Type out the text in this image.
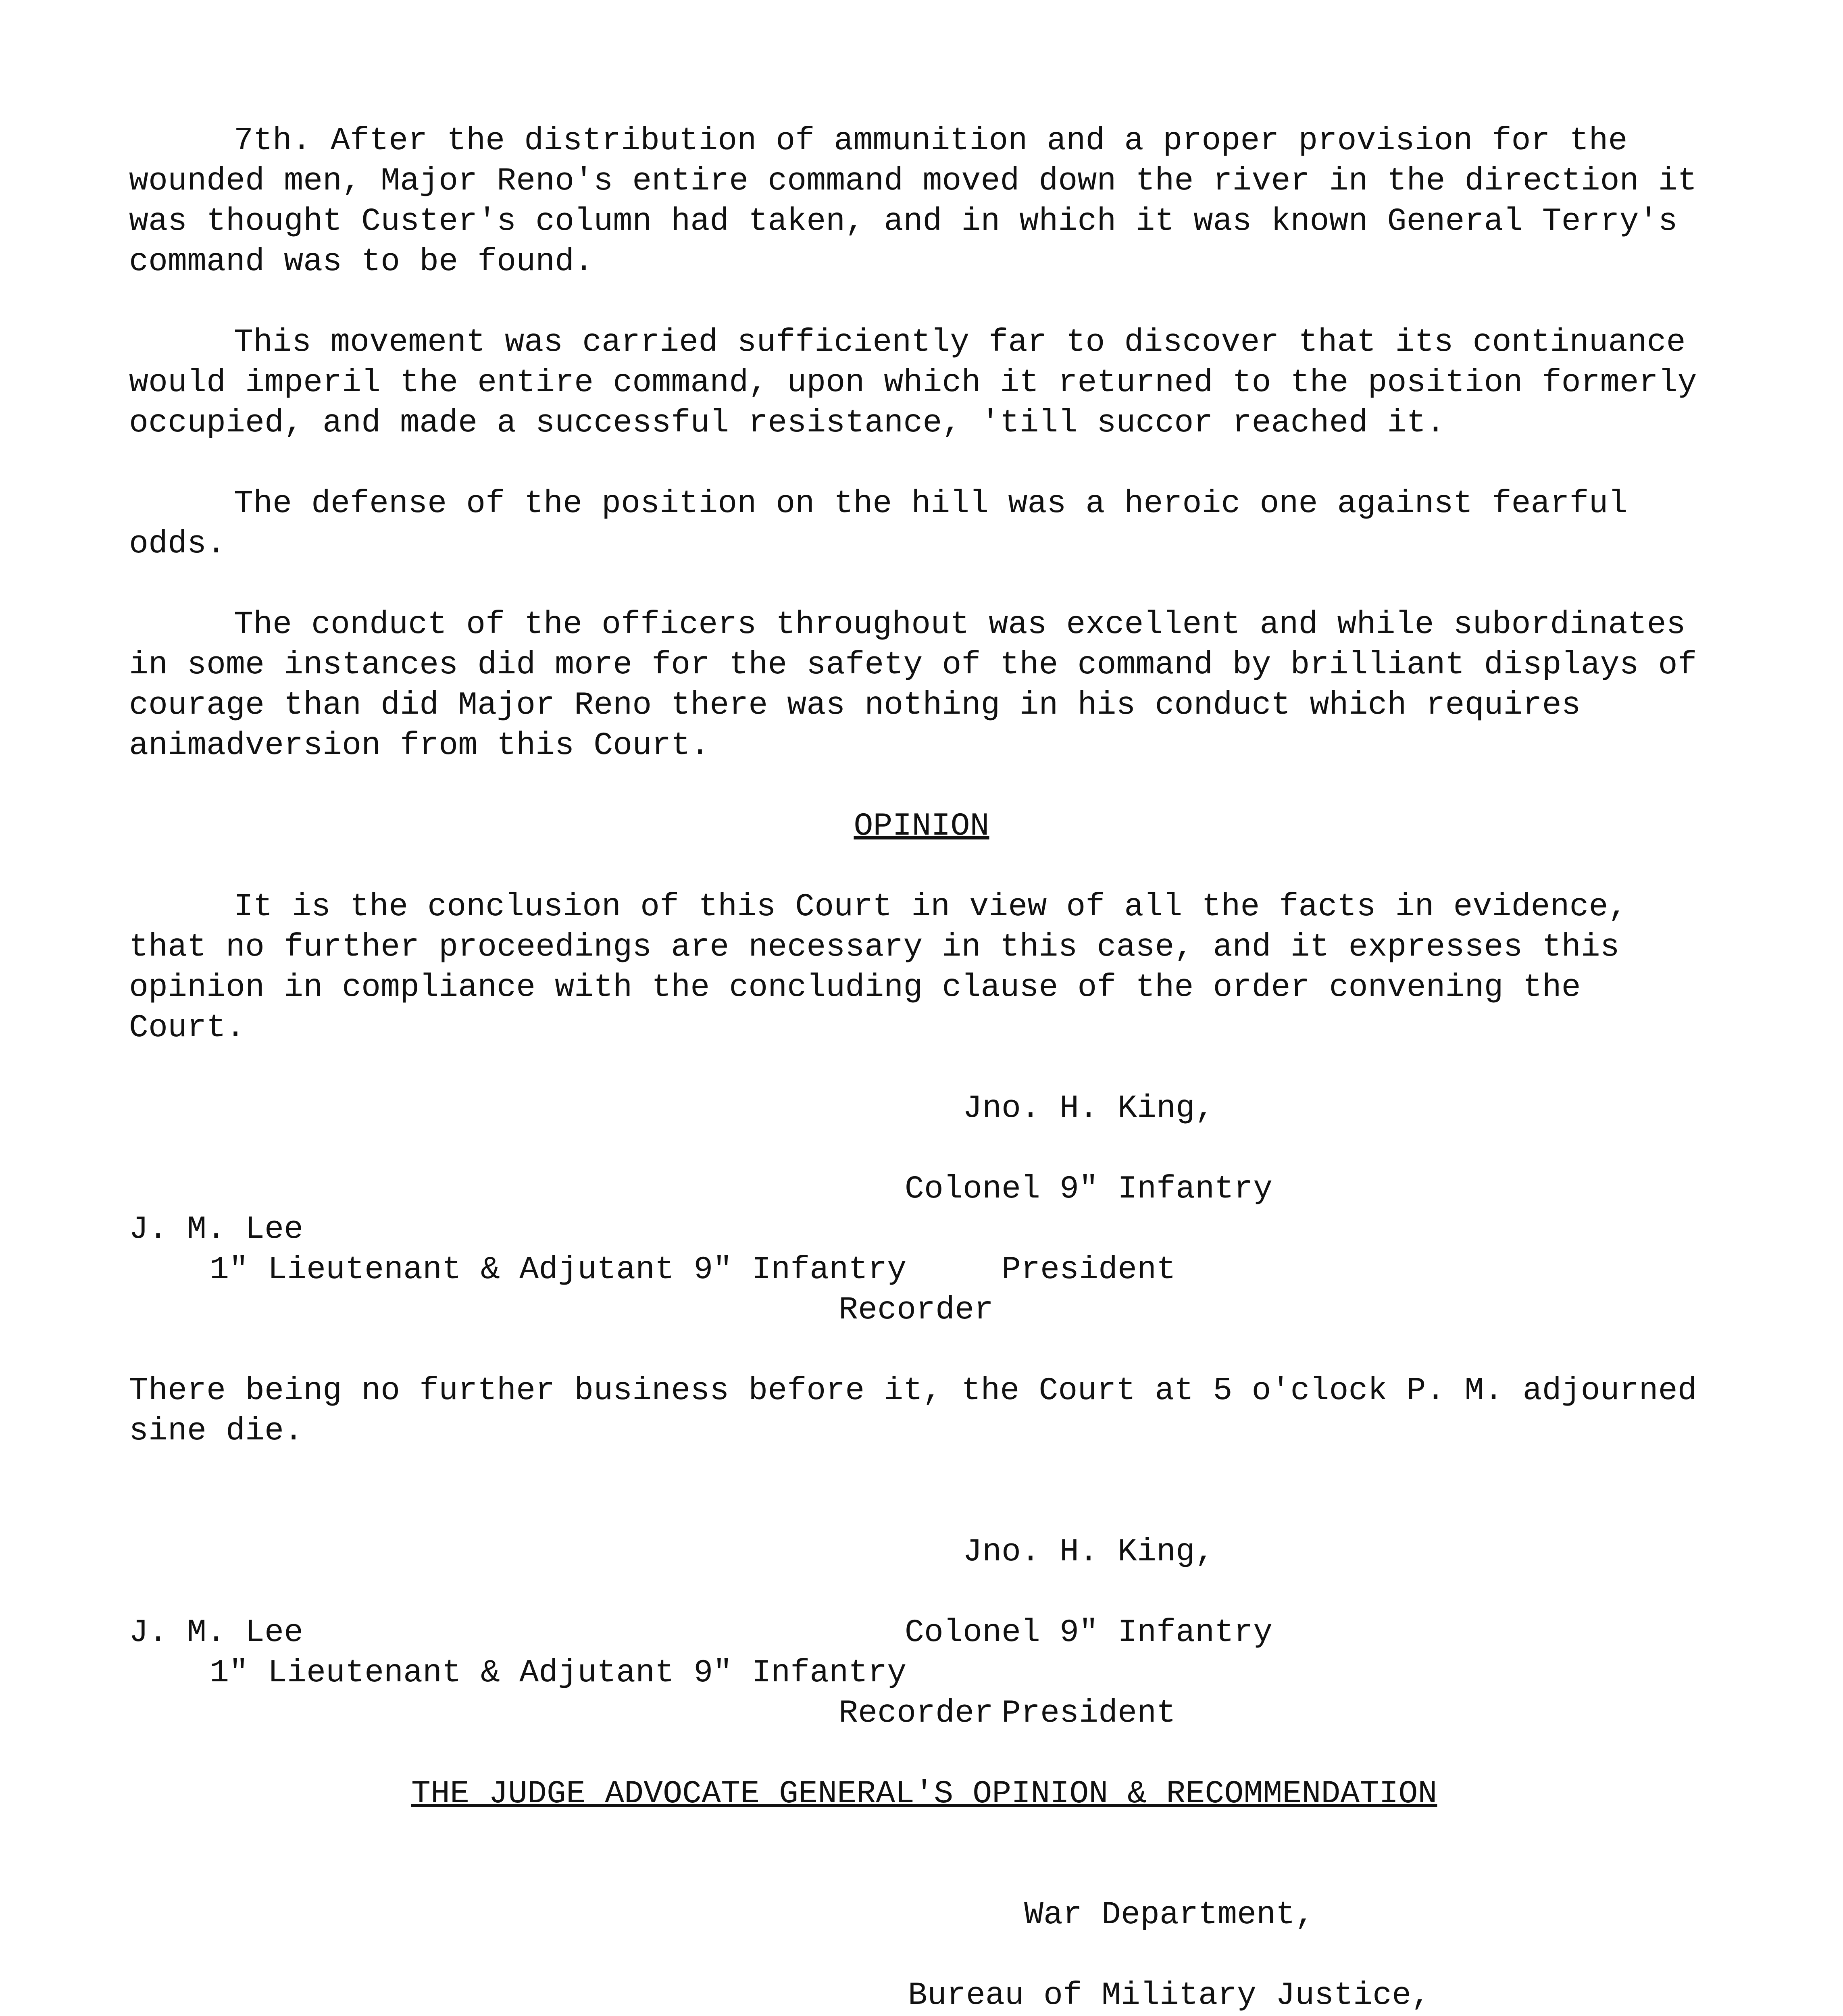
7th. After the distribution of ammunition and a proper provision for the wounded men, Major Reno's entire command moved down the river in the direction it was thought Custer's column had taken, and in which it was known General Terry's command was to be found.

This movement was carried sufficiently far to discover that its continuance would imperil the entire command, upon which it returned to the position formerly occupied, and made a successful resistance, 'till succor reached it.

The defense of the position on the hill was a heroic one against fearful odds.

The conduct of the officers throughout was excellent and while subordinates in some instances did more for the safety of the command by brilliant displays of courage than did Major Reno there was nothing in his conduct which requires animadversion from this Court.

OPINION

It is the conclusion of this Court in view of all the facts in evidence, that no further proceedings are necessary in this case, and it expresses this opinion in compliance with the concluding clause of the order convening the Court.

Jno. H. King,

Colonel 9" Infantry

President

J. M. Lee
1" Lieutenant & Adjutant 9" Infantry
Recorder

There being no further business before it, the Court at 5 o'clock P. M. adjourned sine die.

Jno. H. King,

Colonel 9" Infantry

President

J. M. Lee
1" Lieutenant & Adjutant 9" Infantry
Recorder

THE JUDGE ADVOCATE GENERAL'S OPINION & RECOMMENDATION

War Department,

Bureau of Military Justice,
